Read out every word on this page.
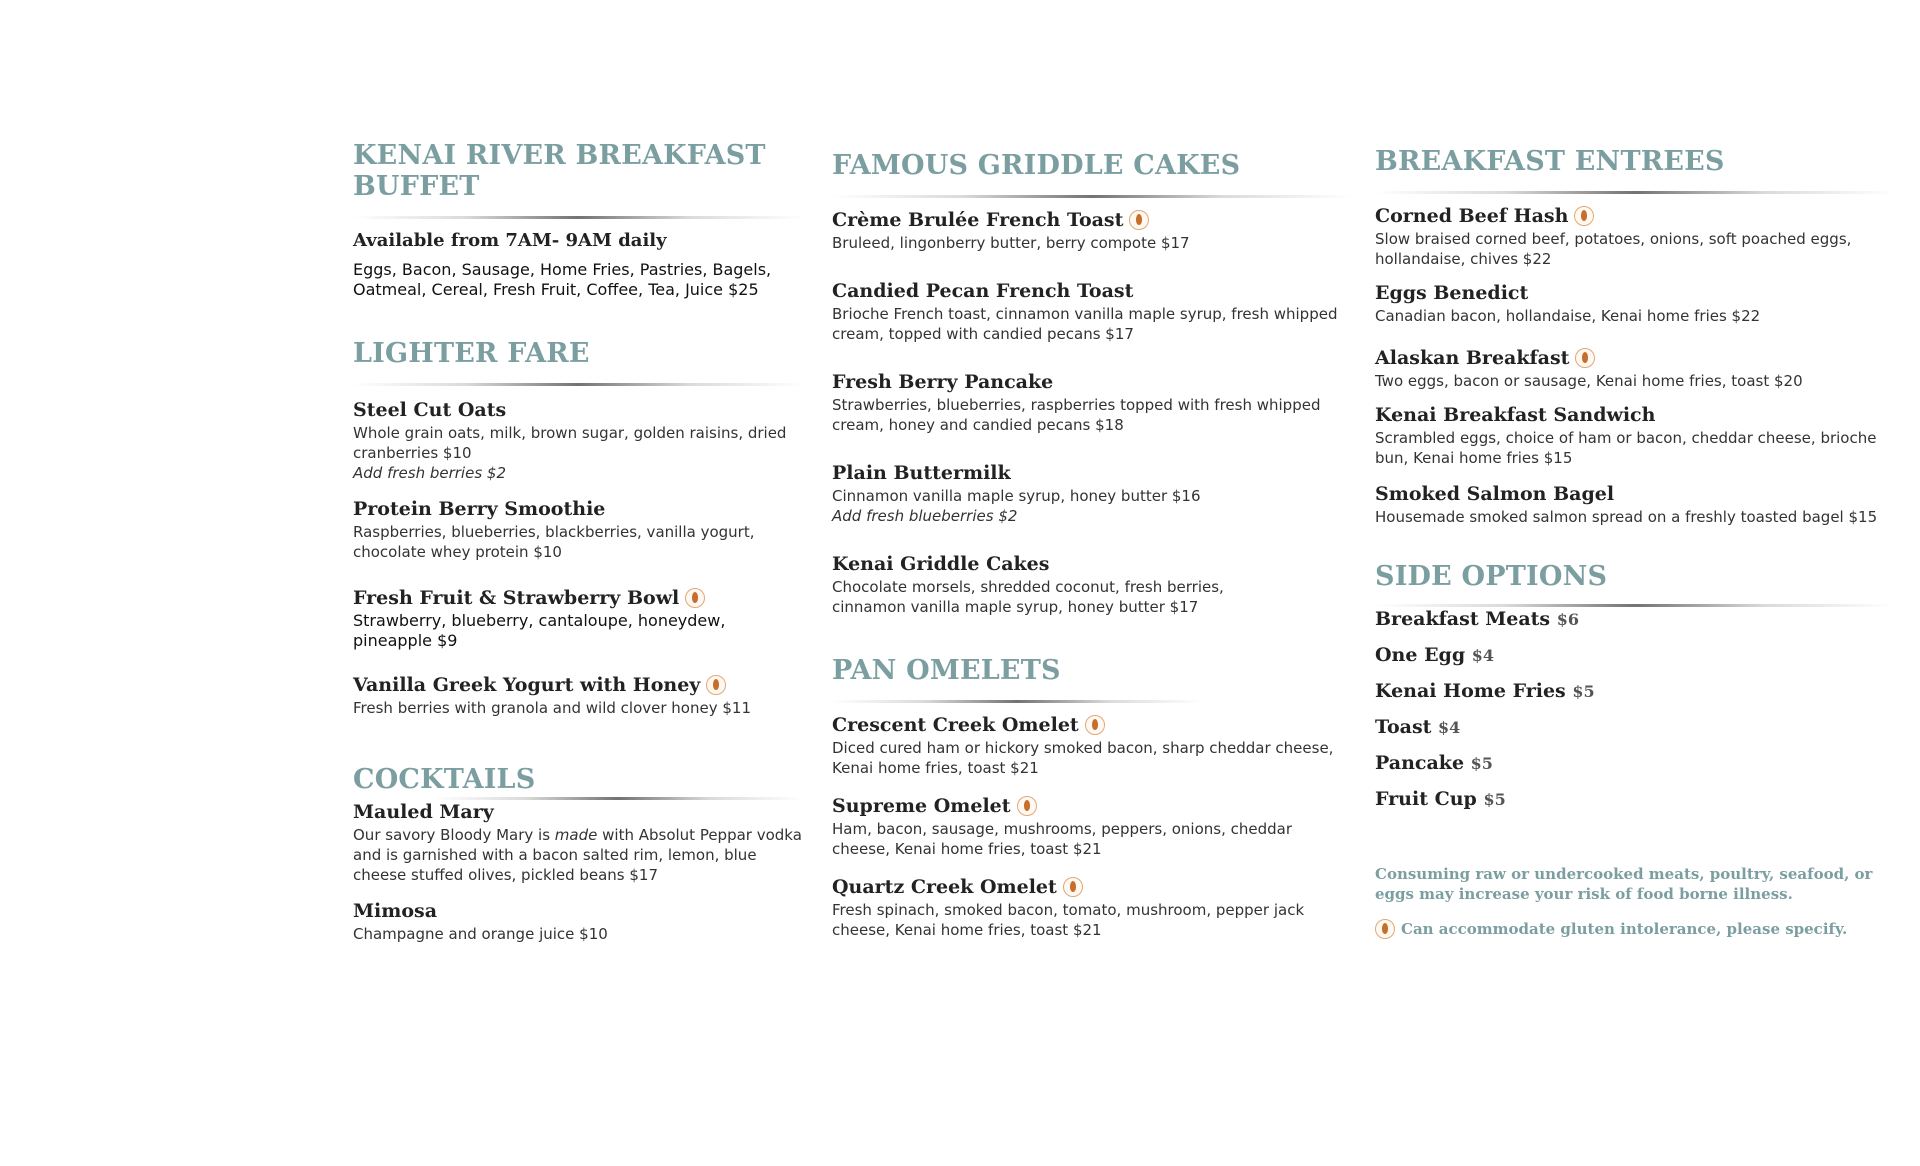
KENAI RIVER BREAKFAST BUFFET
Available from 7AM- 9AM daily
Eggs, Bacon, Sausage, Home Fries, Pastries, Bagels, Oatmeal, Cereal, Fresh Fruit, Coffee, Tea, Juice $25
LIGHTER FARE
Steel Cut Oats
Whole grain oats, milk, brown sugar, golden raisins, dried cranberries $10
Add fresh berries $2
Protein Berry Smoothie
Raspberries, blueberries, blackberries, vanilla yogurt, chocolate whey protein $10
Fresh Fruit & Strawberry Bowl
Strawberry, blueberry, cantaloupe, honeydew, pineapple $9
Vanilla Greek Yogurt with Honey
Fresh berries with granola and wild clover honey $11
COCKTAILS
Mauled Mary
Our savory Bloody Mary is made with Absolut Peppar vodka and is garnished with a bacon salted rim, lemon, blue cheese stuffed olives, pickled beans $17
Mimosa
Champagne and orange juice $10
FAMOUS GRIDDLE CAKES
Crème Brulée French Toast
Bruleed, lingonberry butter, berry compote $17
Candied Pecan French Toast
Brioche French toast, cinnamon vanilla maple syrup, fresh whipped cream, topped with candied pecans $17
Fresh Berry Pancake
Strawberries, blueberries, raspberries topped with fresh whipped cream, honey and candied pecans $18
Plain Buttermilk
Cinnamon vanilla maple syrup, honey butter $16
Add fresh blueberries $2
Kenai Griddle Cakes
Chocolate morsels, shredded coconut, fresh berries, cinnamon vanilla maple syrup, honey butter $17
PAN OMELETS
Crescent Creek Omelet
Diced cured ham or hickory smoked bacon, sharp cheddar cheese, Kenai home fries, toast $21
Supreme Omelet
Ham, bacon, sausage, mushrooms, peppers, onions, cheddar cheese, Kenai home fries, toast $21
Quartz Creek Omelet
Fresh spinach, smoked bacon, tomato, mushroom, pepper jack cheese, Kenai home fries, toast $21
BREAKFAST ENTREES
Corned Beef Hash
Slow braised corned beef, potatoes, onions, soft poached eggs, hollandaise, chives $22
Eggs Benedict
Canadian bacon, hollandaise, Kenai home fries $22
Alaskan Breakfast
Two eggs, bacon or sausage, Kenai home fries, toast $20
Kenai Breakfast Sandwich
Scrambled eggs, choice of ham or bacon, cheddar cheese, brioche bun, Kenai home fries $15
Smoked Salmon Bagel
Housemade smoked salmon spread on a freshly toasted bagel $15
SIDE OPTIONS
Breakfast Meats $6
One Egg $4
Kenai Home Fries $5
Toast $4
Pancake $5
Fruit Cup $5
Consuming raw or undercooked meats, poultry, seafood, or eggs may increase your risk of food borne illness.
Can accommodate gluten intolerance, please specify.
